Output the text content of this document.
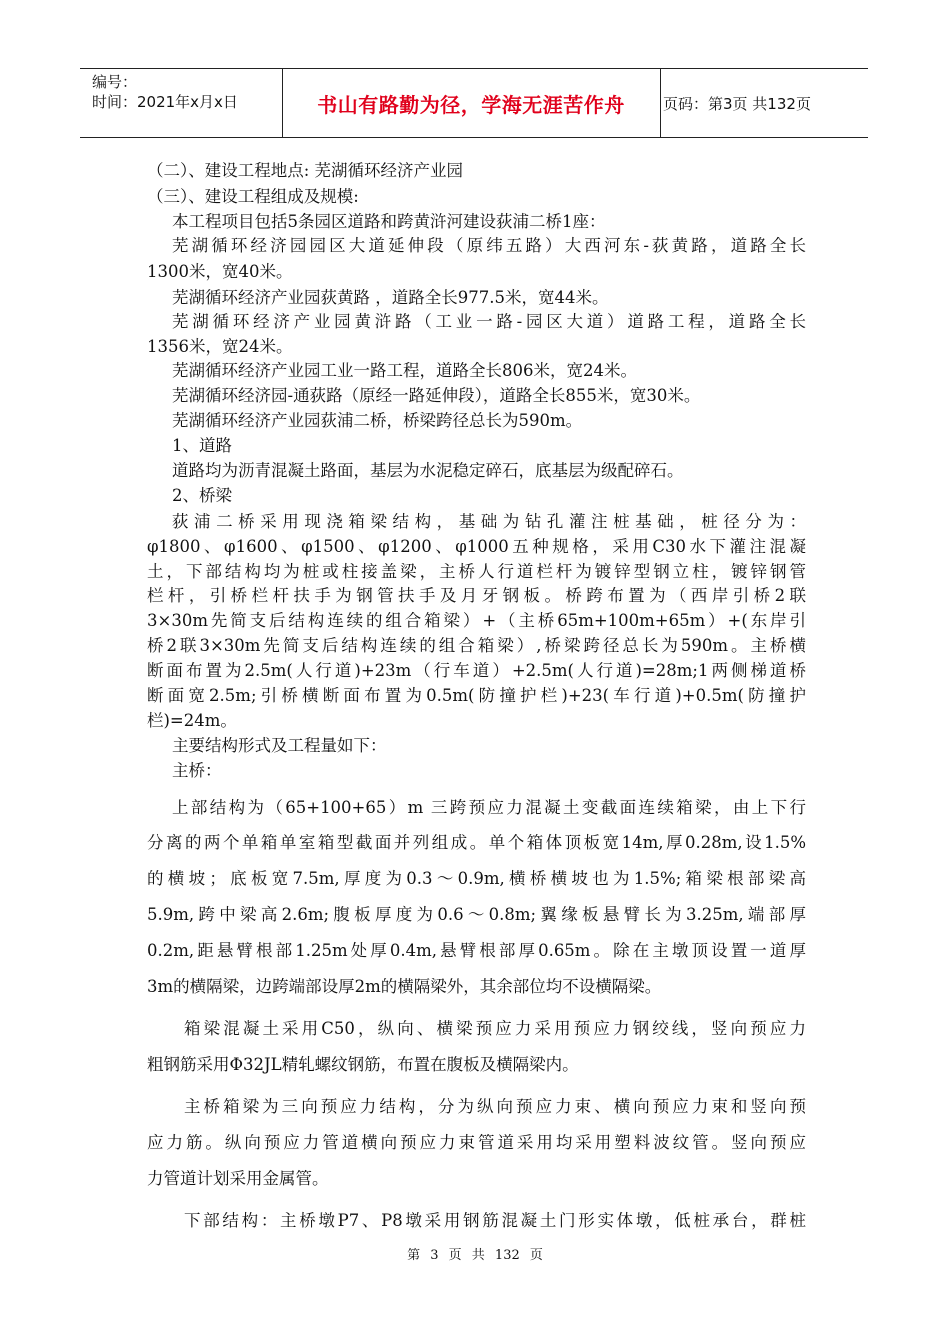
编号：
时间：2021年x月x日	书山有路勤为径，学海无涯苦作舟	页码：第3页 共132页
（二）、建设工程地点: 芜湖循环经济产业园
（三）、建设工程组成及规模:
本工程项目包括5条园区道路和跨黄浒河建设荻浦二桥1座：
芜湖循环经济园园区大道延伸段（原纬五路）大西河东-荻黄路，道路全长
1300米，宽40米。
芜湖循环经济产业园荻黄路 ，道路全长977.5米，宽44米。
芜湖循环经济产业园黄浒路（工业一路-园区大道）道路工程，道路全长
1356米，宽24米。
芜湖循环经济产业园工业一路工程，道路全长806米，宽24米。
芜湖循环经济园-通荻路（原经一路延伸段），道路全长855米，宽30米。
芜湖循环经济产业园荻浦二桥，桥梁跨径总长为590m。
1、道路
道路均为沥青混凝土路面，基层为水泥稳定碎石，底基层为级配碎石。
2、桥梁
荻浦二桥采用现浇箱梁结构，基础为钻孔灌注桩基础，桩径分为：
φ1800、φ1600、φ1500、φ1200、φ1000五种规格，采用C30水下灌注混凝
土，下部结构均为桩或柱接盖梁，主桥人行道栏杆为镀锌型钢立柱，镀锌钢管
栏杆，引桥栏杆扶手为钢管扶手及月牙钢板。桥跨布置为（西岸引桥2联
3×30m先简支后结构连续的组合箱梁）+（主桥65m+100m+65m）+(东岸引
桥2联3×30m先简支后结构连续的组合箱梁）,桥梁跨径总长为590m。主桥横
断面布置为2.5m(人行道)+23m（行车道）+2.5m(人行道)=28m;1两侧梯道桥
断面宽2.5m;引桥横断面布置为0.5m(防撞护栏)+23(车行道)+0.5m(防撞护
栏)=24m。
主要结构形式及工程量如下：
主桥：
上部结构为（65+100+65）m 三跨预应力混凝土变截面连续箱梁，由上下行
分离的两个单箱单室箱型截面并列组成。单个箱体顶板宽14m,厚0.28m,设1.5%
的横坡；底板宽7.5m,厚度为0.3～0.9m,横桥横坡也为1.5%;箱梁根部梁高
5.9m,跨中梁高2.6m;腹板厚度为0.6～0.8m;翼缘板悬臂长为3.25m,端部厚
0.2m,距悬臂根部1.25m处厚0.4m,悬臂根部厚0.65m。除在主墩顶设置一道厚
3m的横隔梁，边跨端部设厚2m的横隔梁外，其余部位均不设横隔梁。
箱梁混凝土采用C50，纵向、横梁预应力采用预应力钢绞线，竖向预应力
粗钢筋采用Φ32JL精轧螺纹钢筋，布置在腹板及横隔梁内。
主桥箱梁为三向预应力结构，分为纵向预应力束、横向预应力束和竖向预
应力筋。纵向预应力管道横向预应力束管道采用均采用塑料波纹管。竖向预应
力管道计划采用金属管。
下部结构：主桥墩P7、P8墩采用钢筋混凝土门形实体墩，低桩承台，群桩
第 3 页 共 132 页
